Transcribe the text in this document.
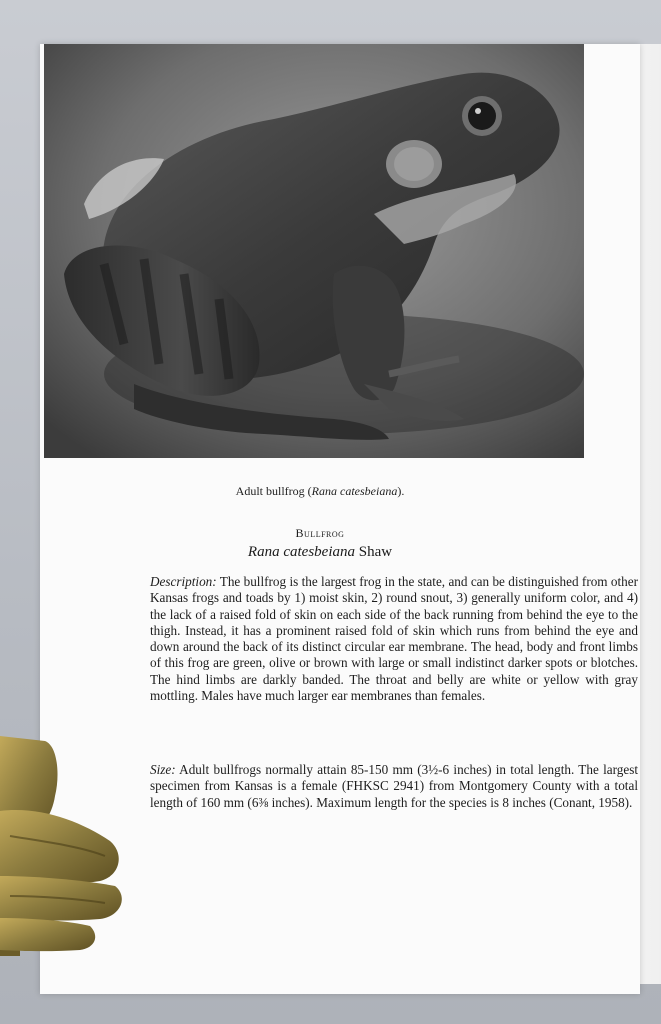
Adult bullfrog (Rana catesbeiana).
Bullfrog
Rana catesbeiana Shaw
Description: The bullfrog is the largest frog in the state, and can be distinguished from other Kansas frogs and toads by 1) moist skin, 2) round snout, 3) generally uniform color, and 4) the lack of a raised fold of skin on each side of the back running from behind the eye to the thigh. Instead, it has a prominent raised fold of skin which runs from behind the eye and down around the back of its distinct circular ear membrane. The head, body and front limbs of this frog are green, olive or brown with large or small indistinct darker spots or blotches. The hind limbs are darkly banded. The throat and belly are white or yellow with gray mottling. Males have much larger ear membranes than females.
Size: Adult bullfrogs normally attain 85-150 mm (3½-6 inches) in total length. The largest specimen from Kansas is a female (FHKSC 2941) from Montgomery County with a total length of 160 mm (6⅜ inches). Maximum length for the species is 8 inches (Conant, 1958).
